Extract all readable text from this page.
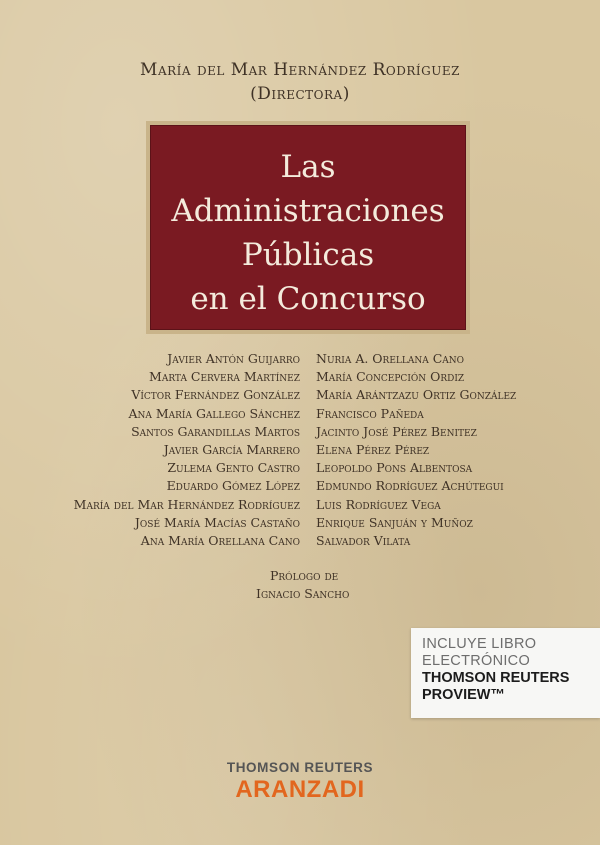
María del Mar Hernández Rodríguez
(Directora)
Las
Administraciones
Públicas
en el Concurso
Javier Antón Guijarro
Marta Cervera Martínez
Víctor Fernández González
Ana María Gallego Sánchez
Santos Garandillas Martos
Javier García Marrero
Zulema Gento Castro
Eduardo Gómez López
María del Mar Hernández Rodríguez
José María Macías Castaño
Ana María Orellana Cano
Nuria A. Orellana Cano
María Concepción Ordiz
María Arántzazu Ortiz González
Francisco Pañeda
Jacinto José Pérez Benitez
Elena Pérez Pérez
Leopoldo Pons Albentosa
Edmundo Rodríguez Achútegui
Luis Rodríguez Vega
Enrique Sanjuán y Muñoz
Salvador Vilata
Prólogo de
Ignacio Sancho
INCLUYE LIBRO
ELECTRÓNICO
THOMSON REUTERS
PROVIEW™
THOMSON REUTERS
ARANZADI
